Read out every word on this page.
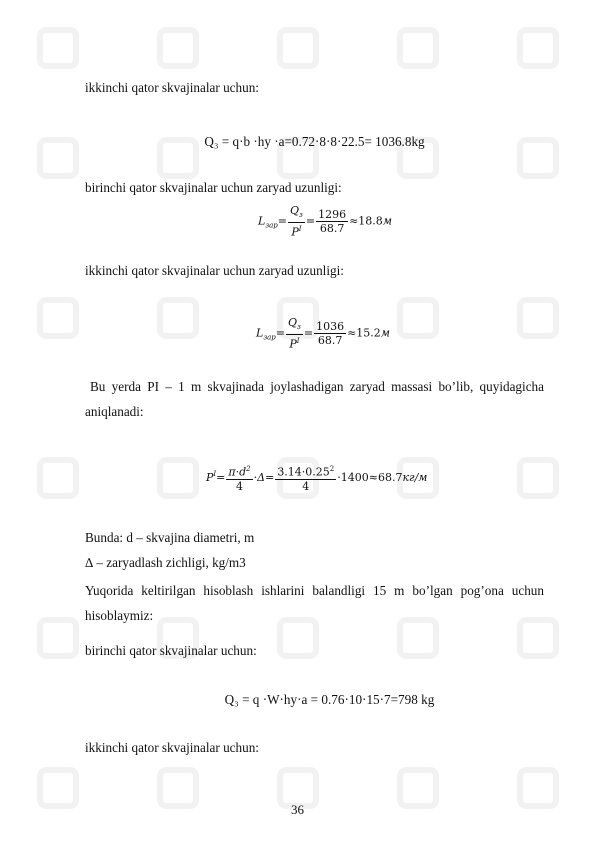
ikkinchi qator skvajinalar uchun:
Q₃ = q·b ·hу ·a=0.72·8·8·22.5= 1036.8kg
birinchi qator skvajinalar uchun zaryad uzunligi:
$L_{зар}= \frac{Q_з}{P^I} = \frac{1296}{68.7} \approx 18.8м$
ikkinchi qator skvajinalar uchun zaryad uzunligi:
$L_{зар}= \frac{Q_з}{P^I} = \frac{1036}{68.7} \approx 15.2м$
Bu yerda PI – 1 m skvajinada joylashadigan zaryad massasi bo’lib, quyidagicha aniqlanadi:
$P^I= \frac{\pi\cdot d^2}{4} \cdot\Delta= \frac{3.14\cdot 0.25^2}{4} \cdot 1400\approx 68.7кг/м$
Bunda: d – skvajina diametri, m
∆ – zaryadlash zichligi, kg/m3
Yuqorida keltirilgan hisoblash ishlarini balandligi 15 m bo’lgan pog’ona uchun hisoblaymiz:
birinchi qator skvajinalar uchun:
Q₃ = q ·W·hу·a = 0.76·10·15·7=798 kg
ikkinchi qator skvajinalar uchun:
36
